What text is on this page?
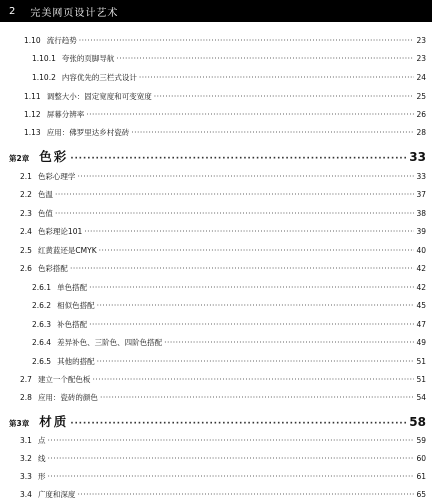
2 完美网页设计艺术
1.10 流行趋势 ·····	23
1.10.1 夸张的页脚导航 ·····	23
1.10.2 内容优先的三栏式设计 ·····	24
1.11 调整大小：固定宽度和可变宽度 ·····	25
1.12 屏幕分辨率 ·····	26
1.13 应用：佛罗里达乡村瓷砖 ·····	28
第2章 色彩 ·····	33
2.1 色彩心理学 ·····	33
2.2 色温 ·····	37
2.3 色值 ·····	38
2.4 色彩理论101 ·····	39
2.5 红黄蓝还是CMYK ·····	40
2.6 色彩搭配 ·····	42
2.6.1 单色搭配 ·····	42
2.6.2 相似色搭配 ·····	45
2.6.3 补色搭配 ·····	47
2.6.4 差异补色、三阶色、四阶色搭配 ·····	49
2.6.5 其他的搭配 ·····	51
2.7 建立一个配色板 ·····	51
2.8 应用：瓷砖的颜色 ·····	54
第3章 材质 ·····	58
3.1 点 ·····	59
3.2 线 ·····	60
3.3 形 ·····	61
3.4 广度和深度 ·····	65
